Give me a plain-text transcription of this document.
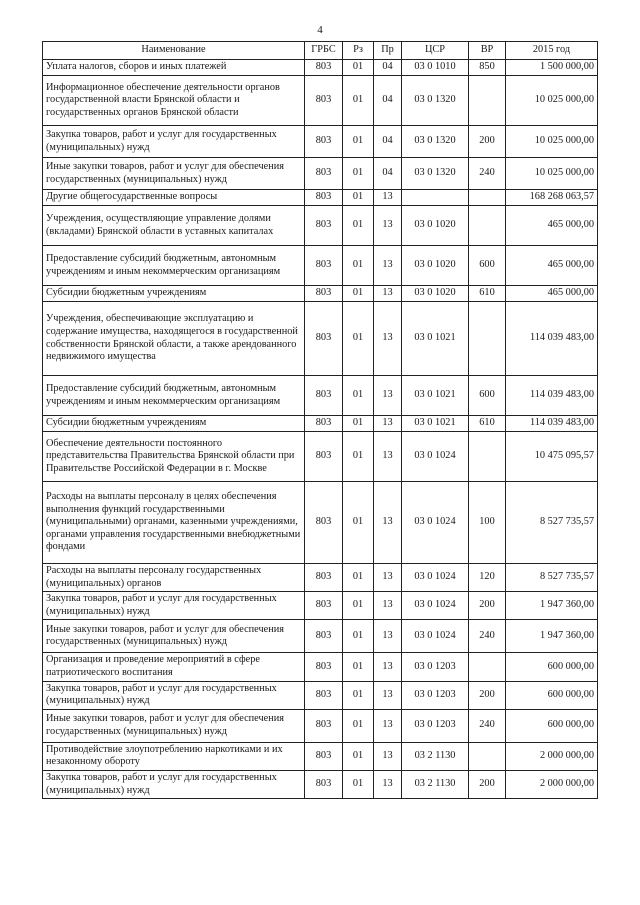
4
Наименование	ГРБС	Рз	Пр	ЦСР	ВР	2015 год
Уплата налогов, сборов и иных платежей	803	01	04	03 0 1010	850	1 500 000,00
Информационное обеспечение деятельности органов государственной власти Брянской области и государственных органов Брянской области	803	01	04	03 0 1320		10 025 000,00
Закупка товаров, работ и услуг для государственных (муниципальных) нужд	803	01	04	03 0 1320	200	10 025 000,00
Иные закупки товаров, работ и услуг для обеспечения государственных (муниципальных) нужд	803	01	04	03 0 1320	240	10 025 000,00
Другие общегосударственные вопросы	803	01	13			168 268 063,57
Учреждения, осуществляющие управление долями (вкладами) Брянской области в уставных капиталах	803	01	13	03 0 1020		465 000,00
Предоставление субсидий бюджетным, автономным учреждениям и иным некоммерческим организациям	803	01	13	03 0 1020	600	465 000,00
Субсидии бюджетным учреждениям	803	01	13	03 0 1020	610	465 000,00
Учреждения, обеспечивающие эксплуатацию и содержание имущества, находящегося в государственной собственности Брянской области, а также арендованного недвижимого имущества	803	01	13	03 0 1021		114 039 483,00
Предоставление субсидий бюджетным, автономным учреждениям и иным некоммерческим организациям	803	01	13	03 0 1021	600	114 039 483,00
Субсидии бюджетным учреждениям	803	01	13	03 0 1021	610	114 039 483,00
Обеспечение деятельности постоянного представительства Правительства Брянской области при Правительстве Российской Федерации в г. Москве	803	01	13	03 0 1024		10 475 095,57
Расходы на выплаты персоналу в целях обеспечения выполнения функций государственными (муниципальными) органами, казенными учреждениями, органами управления государственными внебюджетными фондами	803	01	13	03 0 1024	100	8 527 735,57
Расходы на выплаты персоналу государственных (муниципальных) органов	803	01	13	03 0 1024	120	8 527 735,57
Закупка товаров, работ и услуг для государственных (муниципальных) нужд	803	01	13	03 0 1024	200	1 947 360,00
Иные закупки товаров, работ и услуг для обеспечения государственных (муниципальных) нужд	803	01	13	03 0 1024	240	1 947 360,00
Организация и проведение мероприятий в сфере патриотического воспитания	803	01	13	03 0 1203		600 000,00
Закупка товаров, работ и услуг для государственных (муниципальных) нужд	803	01	13	03 0 1203	200	600 000,00
Иные закупки товаров, работ и услуг для обеспечения государственных (муниципальных) нужд	803	01	13	03 0 1203	240	600 000,00
Противодействие злоупотреблению наркотиками и их незаконному обороту	803	01	13	03 2 1130		2 000 000,00
Закупка товаров, работ и услуг для государственных (муниципальных) нужд	803	01	13	03 2 1130	200	2 000 000,00
